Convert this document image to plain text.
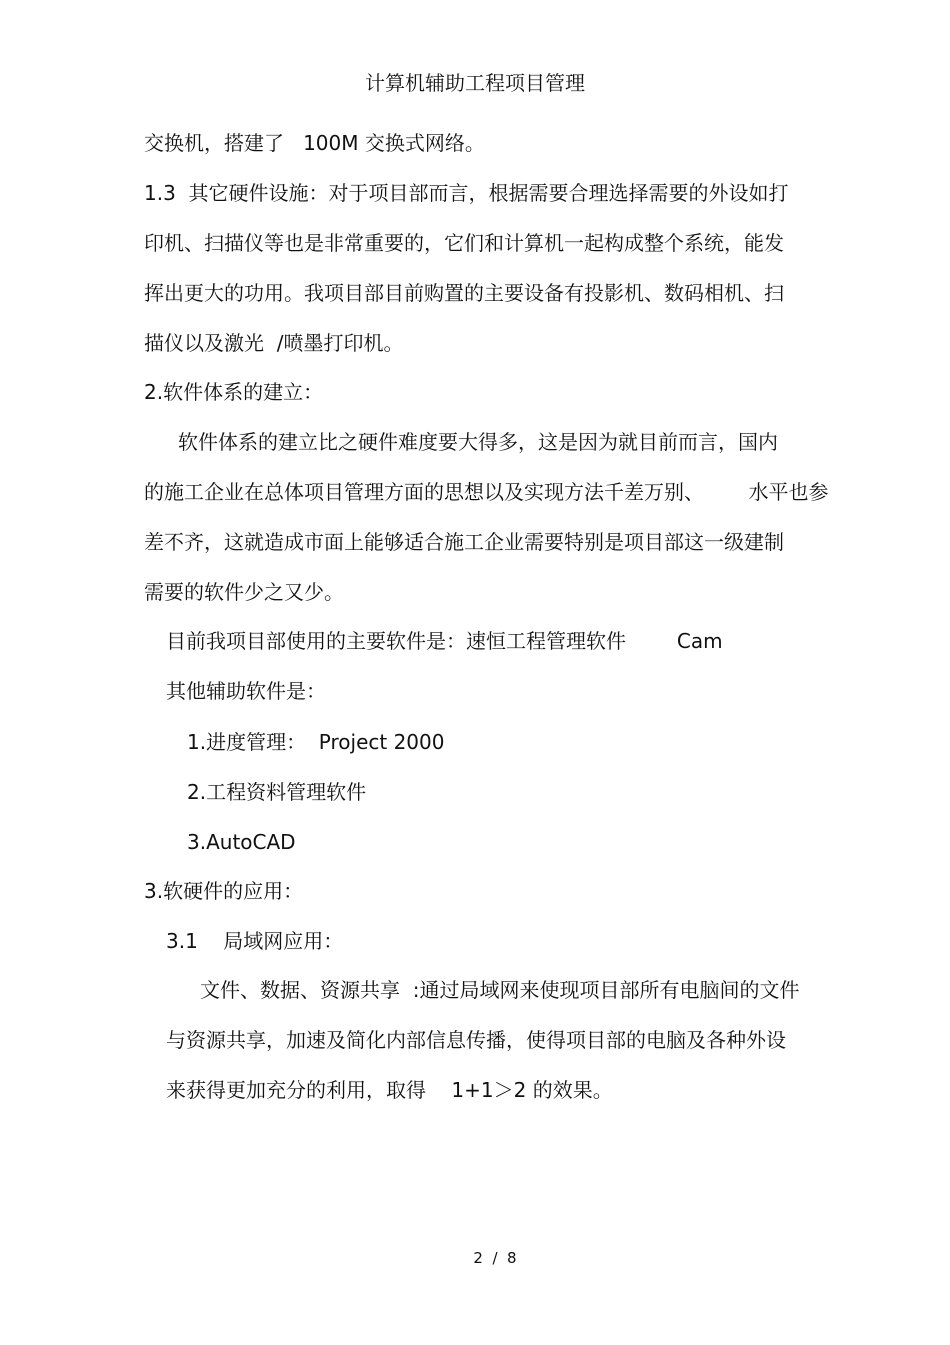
计算机辅助工程项目管理
交换机，搭建了   100M 交换式网络。
1.3  其它硬件设施：对于项目部而言，根据需要合理选择需要的外设如打
印机、扫描仪等也是非常重要的，它们和计算机一起构成整个系统，能发
挥出更大的功用。我项目部目前购置的主要设备有投影机、数码相机、扫
描仪以及激光  /喷墨打印机。
2.软件体系的建立：
软件体系的建立比之硬件难度要大得多，这是因为就目前而言，国内
的施工企业在总体项目管理方面的思想以及实现方法千差万别、       水平也参
差不齐，这就造成市面上能够适合施工企业需要特别是项目部这一级建制
需要的软件少之又少。
目前我项目部使用的主要软件是：速恒工程管理软件        Cam
其他辅助软件是：
1.进度管理：  Project 2000
2.工程资料管理软件
3.AutoCAD
3.软硬件的应用：
3.1    局域网应用：
文件、数据、资源共享  :通过局域网来使现项目部所有电脑间的文件
与资源共享，加速及简化内部信息传播，使得项目部的电脑及各种外设
来获得更加充分的利用，取得    1+1＞2 的效果。
2  /  8
